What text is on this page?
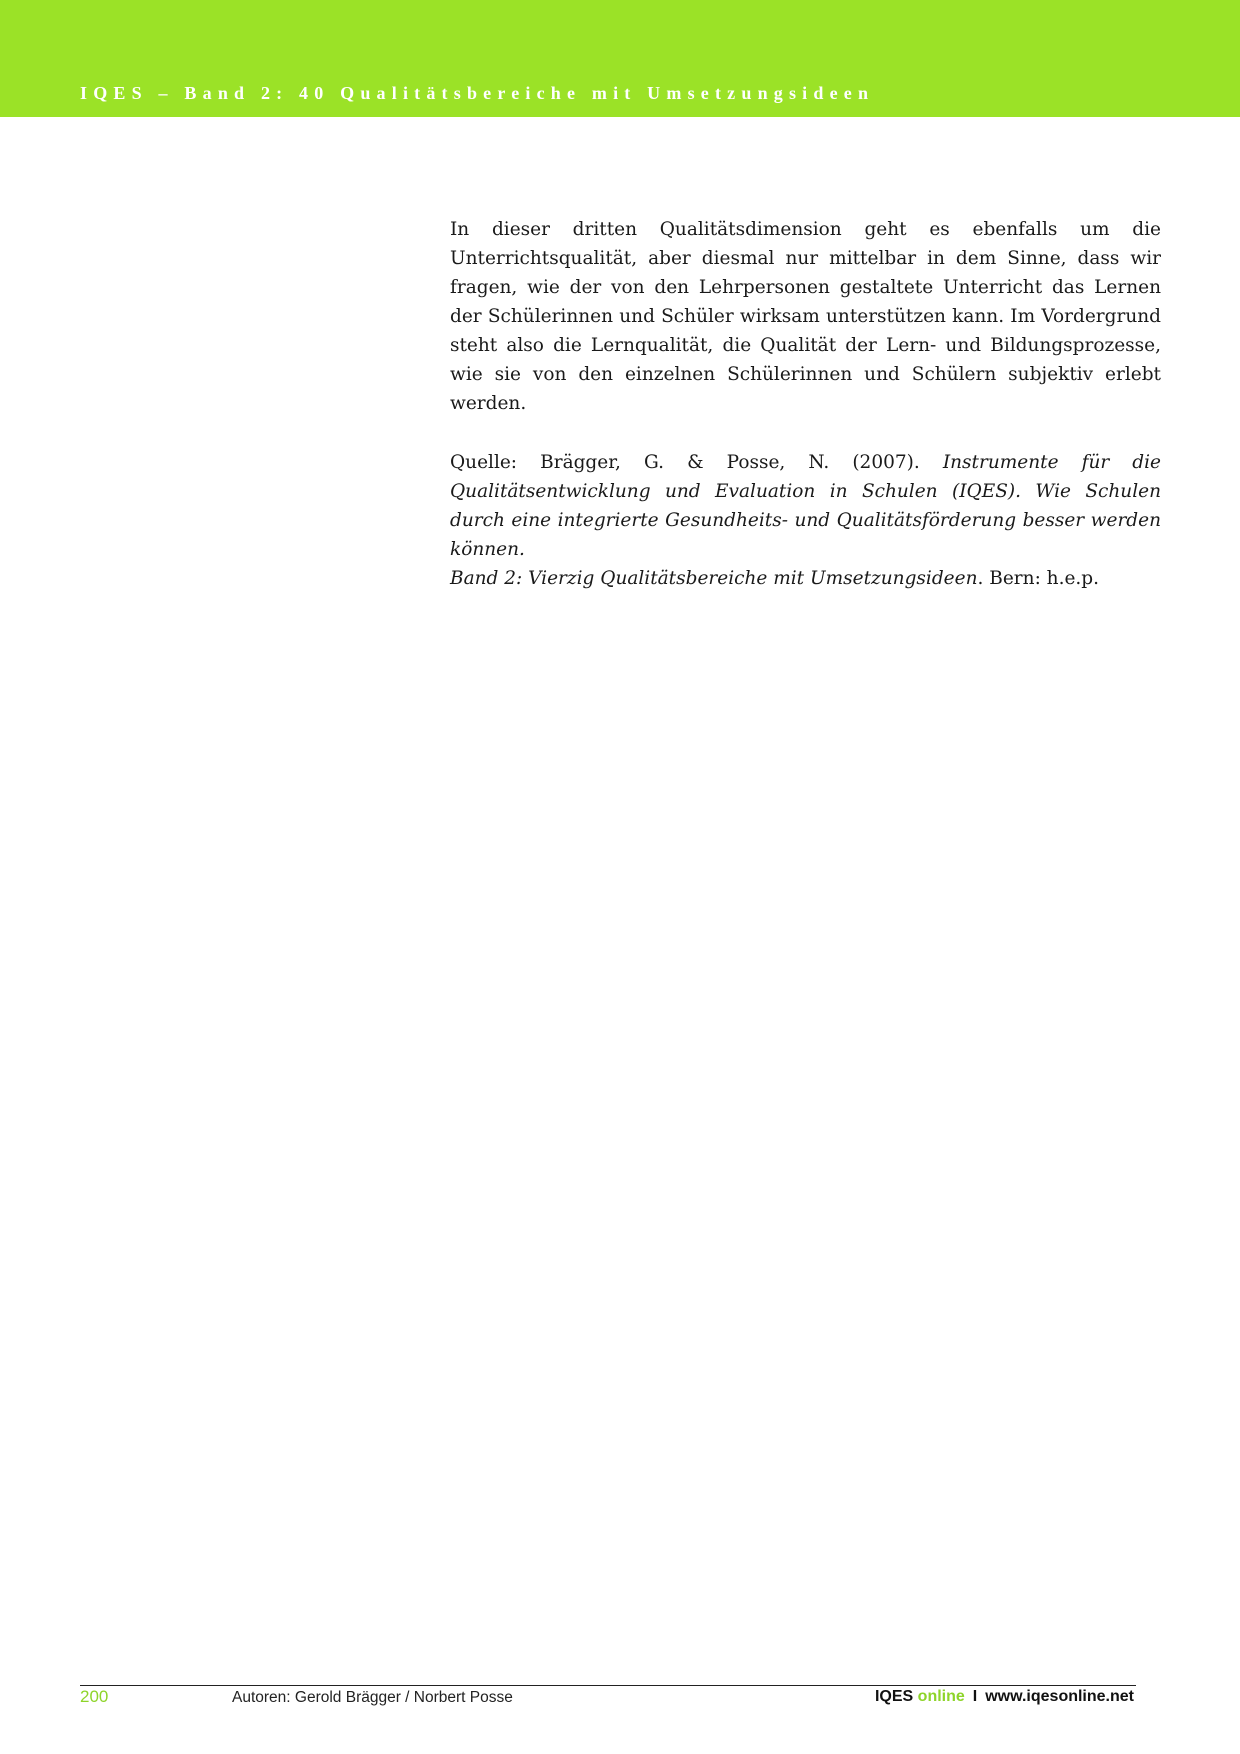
IQES – Band 2: 40 Qualitätsbereiche mit Umsetzungsideen

In dieser dritten Qualitätsdimension geht es ebenfalls um die Unterrichtsqualität, aber diesmal nur mittelbar in dem Sinne, dass wir fragen, wie der von den Lehrpersonen gestaltete Unterricht das Lernen der Schülerinnen und Schüler wirksam unterstützen kann. Im Vordergrund steht also die Lernqualität, die Qualität der Lern- und Bildungsprozesse, wie sie von den einzelnen Schülerinnen und Schülern subjektiv erlebt werden.

Quelle: Brägger, G. & Posse, N. (2007). Instrumente für die Qualitätsentwicklung und Evaluation in Schulen (IQES). Wie Schulen durch eine integrierte Gesundheits- und Qualitätsförderung besser werden können.
Band 2: Vierzig Qualitätsbereiche mit Umsetzungsideen. Bern: h.e.p.

200	Autoren: Gerold Brägger / Norbert Posse	IQES online I www.iqesonline.net
